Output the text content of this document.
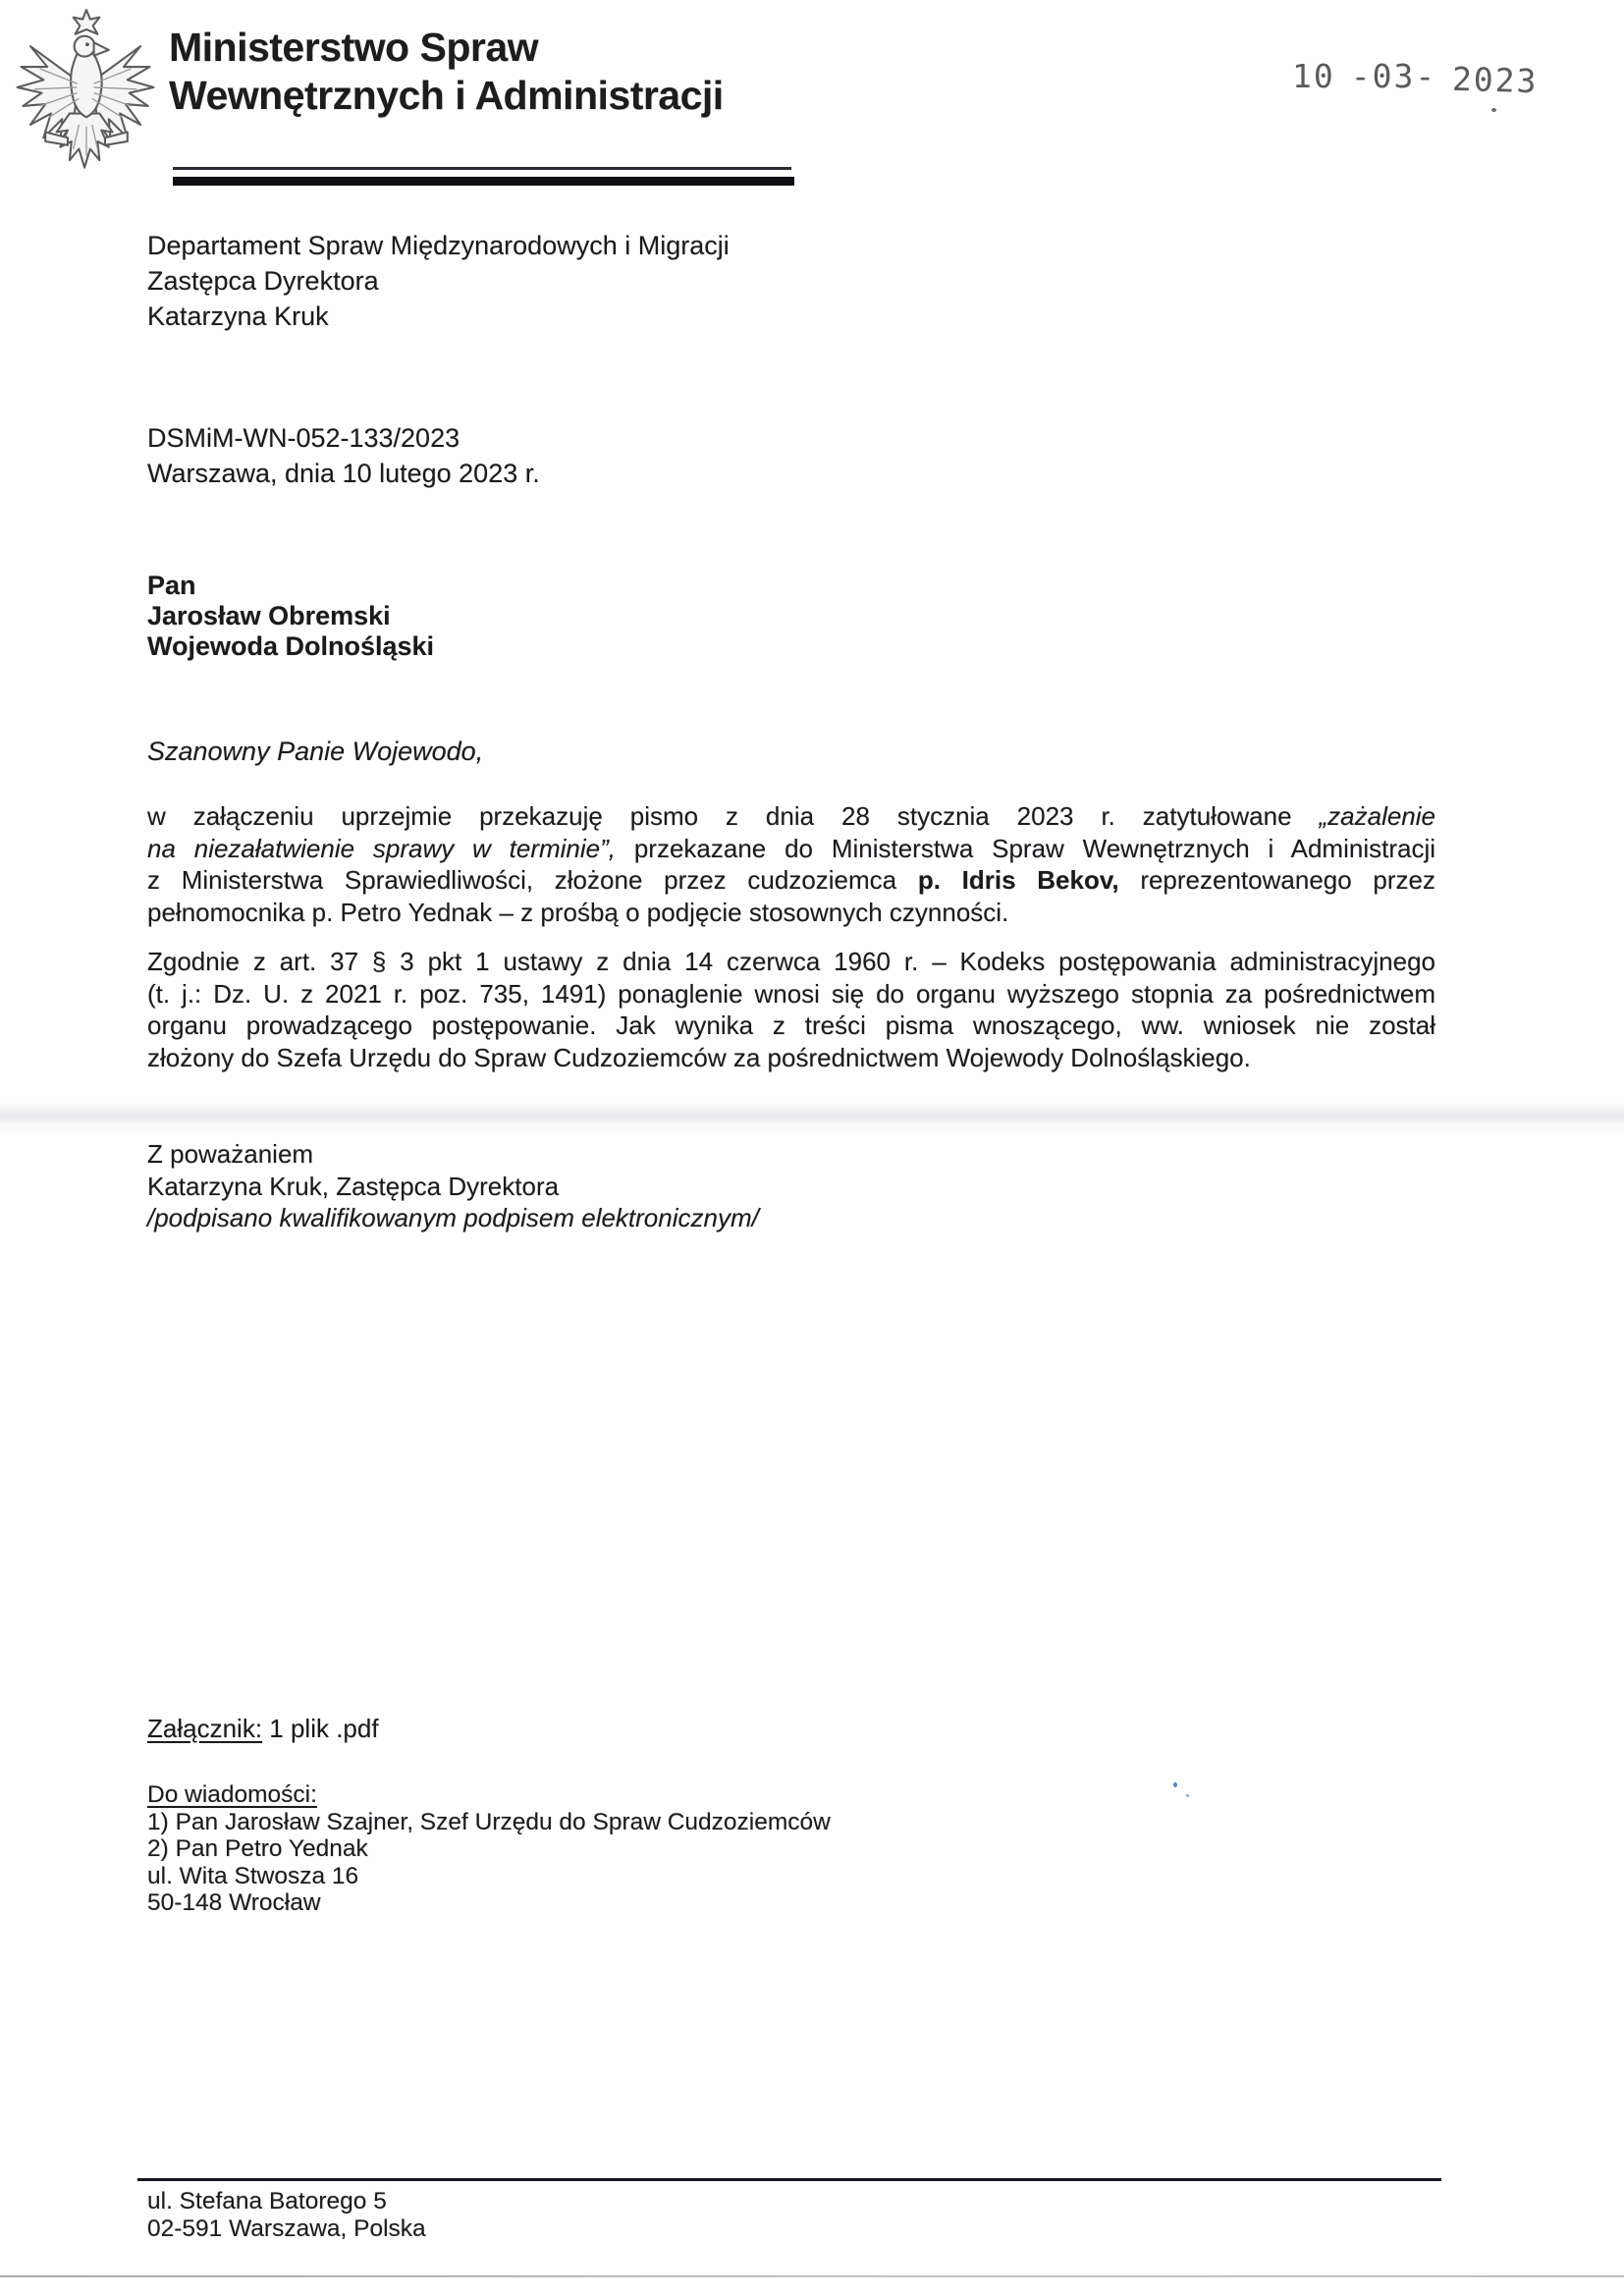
Ministerstwo Spraw
Wewnętrznych i Administracji	10 -03- 2023
Departament Spraw Międzynarodowych i Migracji
Zastępca Dyrektora
Katarzyna Kruk
DSMiM-WN-052-133/2023
Warszawa, dnia 10 lutego 2023 r.
Pan
Jarosław Obremski
Wojewoda Dolnośląski
Szanowny Panie Wojewodo,
w załączeniu uprzejmie przekazuję pismo z dnia 28 stycznia 2023 r. zatytułowane „zażalenie
na niezałatwienie sprawy w terminie”, przekazane do Ministerstwa Spraw Wewnętrznych i Administracji
z Ministerstwa Sprawiedliwości, złożone przez cudzoziemca p. Idris Bekov, reprezentowanego przez
pełnomocnika p. Petro Yednak – z prośbą o podjęcie stosownych czynności.
Zgodnie z art. 37 § 3 pkt 1 ustawy z dnia 14 czerwca 1960 r. – Kodeks postępowania administracyjnego
(t. j.: Dz. U. z 2021 r. poz. 735, 1491) ponaglenie wnosi się do organu wyższego stopnia za pośrednictwem
organu prowadzącego postępowanie. Jak wynika z treści pisma wnoszącego, ww. wniosek nie został
złożony do Szefa Urzędu do Spraw Cudzoziemców za pośrednictwem Wojewody Dolnośląskiego.
Z poważaniem
Katarzyna Kruk, Zastępca Dyrektora
/podpisano kwalifikowanym podpisem elektronicznym/
Załącznik: 1 plik .pdf
Do wiadomości:
1) Pan Jarosław Szajner, Szef Urzędu do Spraw Cudzoziemców
2) Pan Petro Yednak
ul. Wita Stwosza 16
50-148 Wrocław
ul. Stefana Batorego 5
02-591 Warszawa, Polska
